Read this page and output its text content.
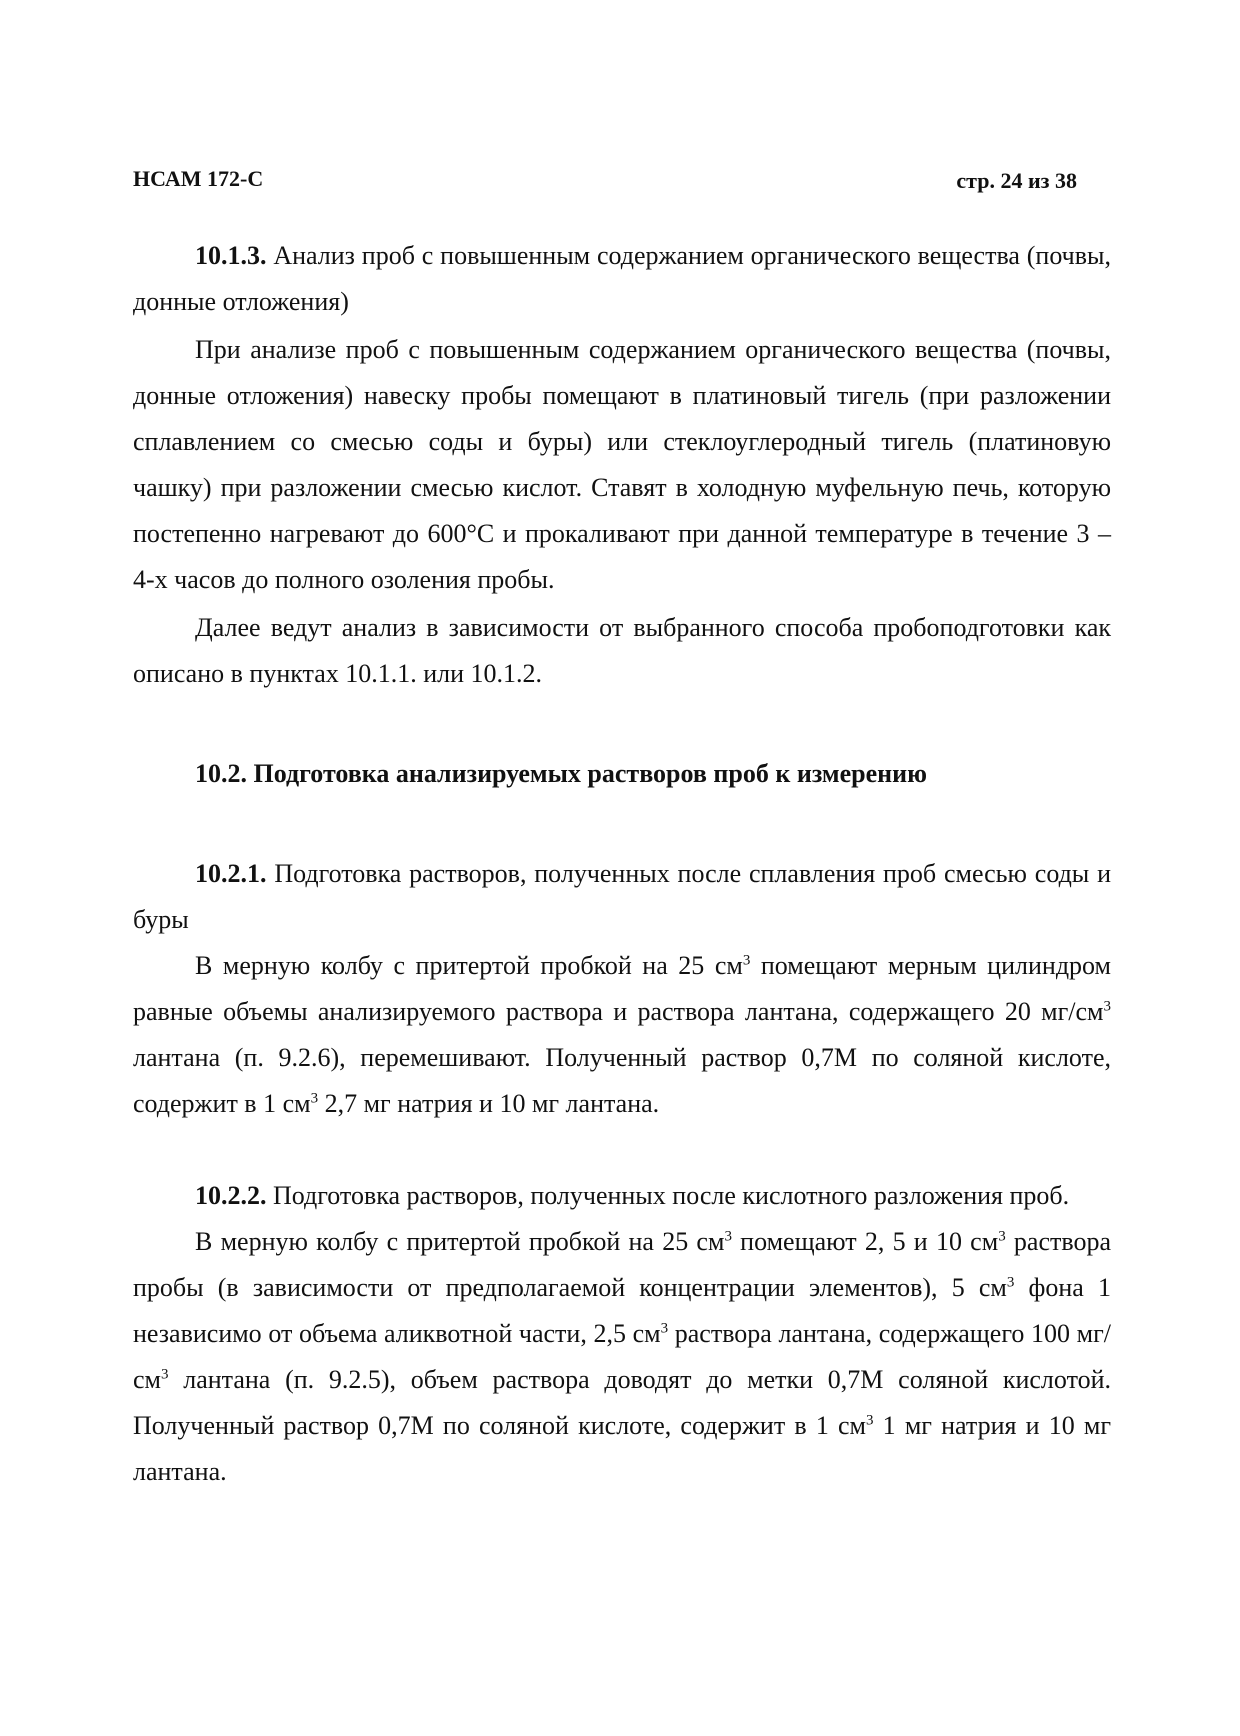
НСАМ 172-С	стр. 24 из 38

10.1.3. Анализ проб с повышенным содержанием органического вещества (почвы, донные отложения)

При анализе проб с повышенным содержанием органического вещества (почвы, донные отложения) навеску пробы помещают в платиновый тигель (при разложении сплавлением со смесью соды и буры) или стеклоуглеродный тигель (платиновую чашку) при разложении смесью кислот. Ставят в холодную муфельную печь, которую постепенно нагревают до 600°С и прокаливают при данной температуре в течение 3 – 4-х часов до полного озоления пробы.

Далее ведут анализ в зависимости от выбранного способа пробоподготовки как описано в пунктах 10.1.1. или 10.1.2.

10.2. Подготовка анализируемых растворов проб к измерению

10.2.1. Подготовка растворов, полученных после сплавления проб смесью соды и буры

В мерную колбу с притертой пробкой на 25 $см^3$ помещают мерным цилиндром равные объемы анализируемого раствора и раствора лантана, содержащего 20 $мг/см^3$ лантана (п. 9.2.6), перемешивают. Полученный раствор 0,7М по соляной кислоте, содержит в 1 $см^3$ 2,7 мг натрия и 10 мг лантана.

10.2.2. Подготовка растворов, полученных после кислотного разложения проб.

В мерную колбу с притертой пробкой на 25 $см^3$ помещают 2, 5 и 10 $см^3$ раствора пробы (в зависимости от предполагаемой концентрации элементов), 5 $см^3$ фона 1 независимо от объема аликвотной части, 2,5 $см^3$ раствора лантана, содержащего 100 $мг/см^3$ лантана (п. 9.2.5), объем раствора доводят до метки 0,7М соляной кислотой. Полученный раствор 0,7М по соляной кислоте, содержит в 1 $см^3$ 1 мг натрия и 10 мг лантана.
